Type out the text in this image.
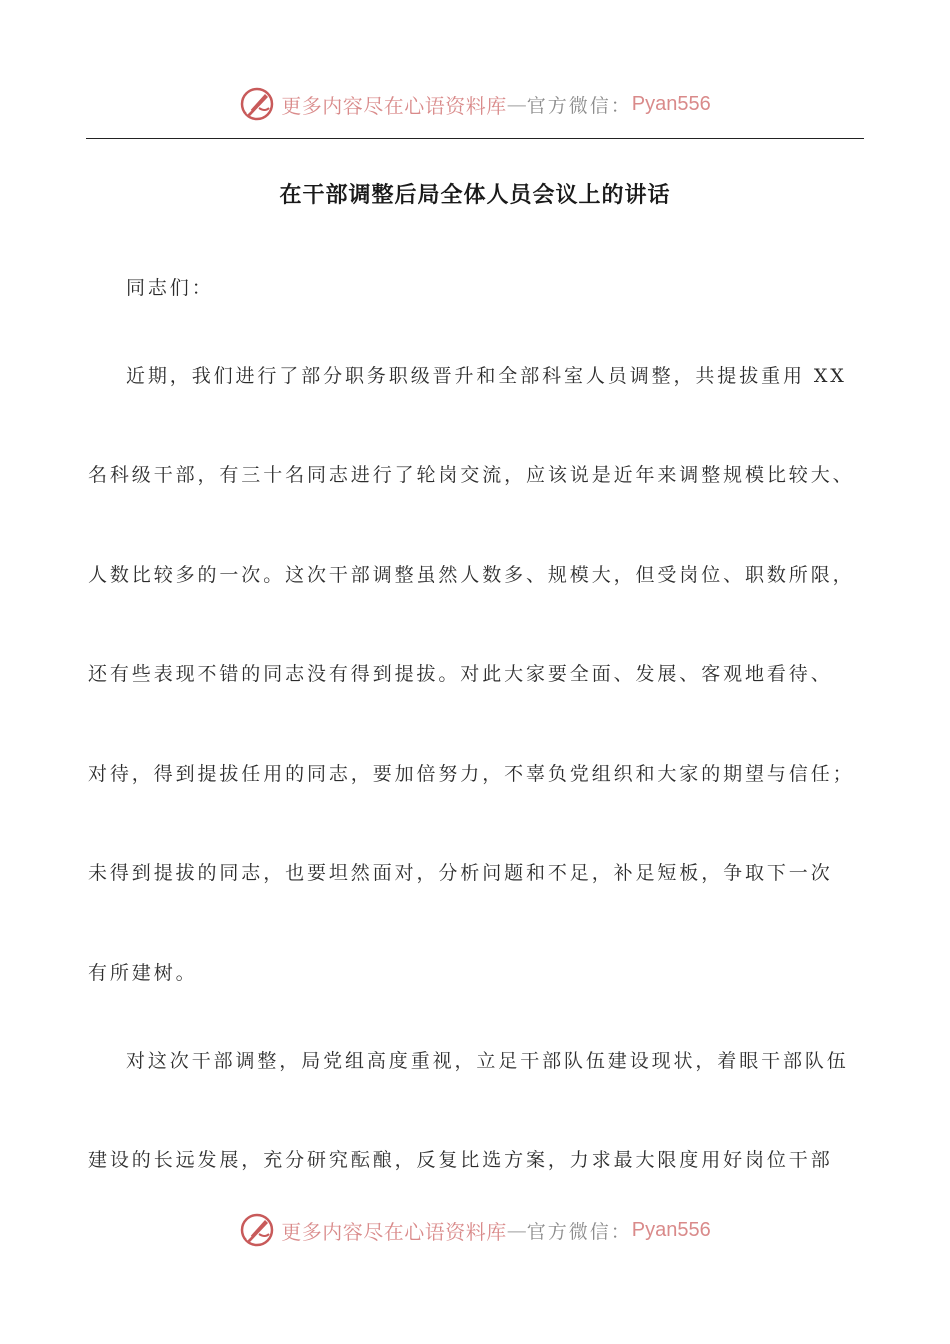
更多内容尽在心语资料库 — 官方微信： Pyan556
在干部调整后局全体人员会议上的讲话
同志们：
近期，我们进行了部分职务职级晋升和全部科室人员调整，共提拔重用 XX
名科级干部，有三十名同志进行了轮岗交流，应该说是近年来调整规模比较大、
人数比较多的一次。这次干部调整虽然人数多、规模大，但受岗位、职数所限，
还有些表现不错的同志没有得到提拔。对此大家要全面、发展、客观地看待、
对待，得到提拔任用的同志，要加倍努力，不辜负党组织和大家的期望与信任；
未得到提拔的同志，也要坦然面对，分析问题和不足，补足短板，争取下一次
有所建树。
对这次干部调整，局党组高度重视，立足干部队伍建设现状，着眼干部队伍
建设的长远发展，充分研究酝酿，反复比选方案，力求最大限度用好岗位干部
更多内容尽在心语资料库 — 官方微信： Pyan556
